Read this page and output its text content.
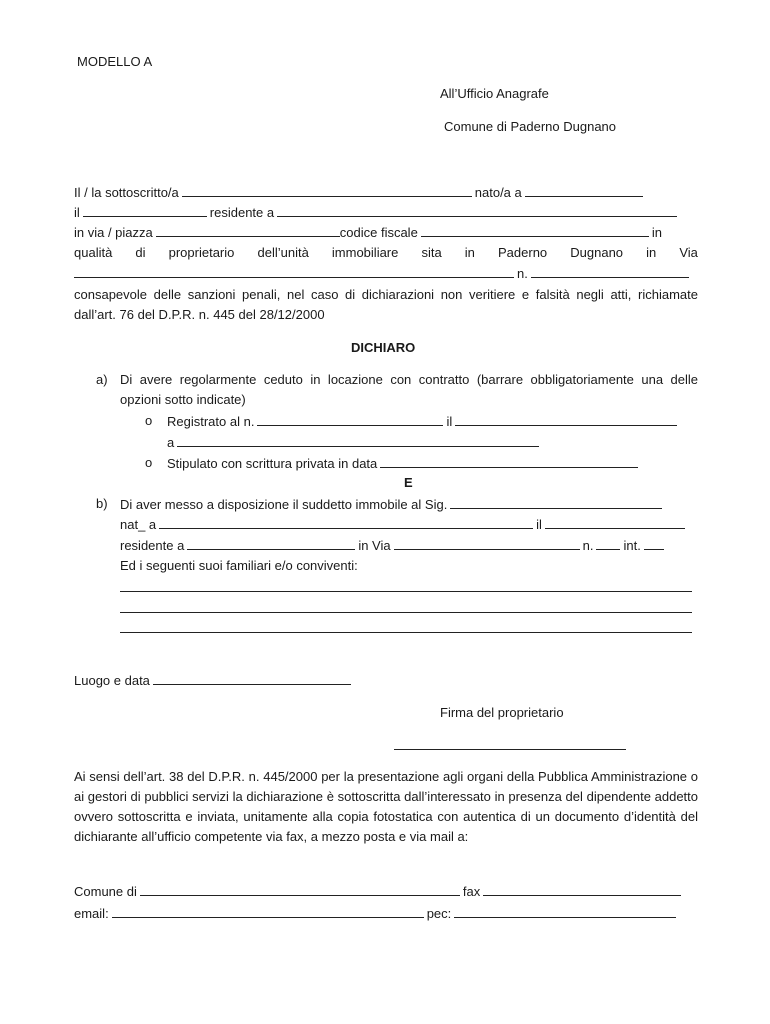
MODELLO A
All’Ufficio Anagrafe
Comune di Paderno Dugnano
Il / la sottoscritto/a	nato/a a
il	residente a
in via / piazza	codice fiscale	in
qualità di proprietario dell’unità immobiliare sita in Paderno Dugnano in Via
n.
consapevole delle sanzioni penali, nel caso di dichiarazioni non veritiere e falsità negli atti, richiamate dall’art. 76 del D.P.R. n. 445 del 28/12/2000
DICHIARO
a) Di avere regolarmente ceduto in locazione con contratto (barrare obbligatoriamente una delle opzioni sotto indicate)
o Registrato al n.	il
a
o Stipulato con scrittura privata in data
E
b) Di aver messo a disposizione il suddetto immobile al Sig.
nat_ a	il
residente a	in Via	n. int.
Ed i seguenti suoi familiari e/o conviventi:
Luogo e data
Firma del proprietario
Ai sensi dell’art. 38 del D.P.R. n. 445/2000 per la presentazione agli organi della Pubblica Amministrazione o ai gestori di pubblici servizi la dichiarazione è sottoscritta dall’interessato in presenza del dipendente addetto ovvero sottoscritta e inviata, unitamente alla copia fotostatica con autentica di un documento d’identità del dichiarante all’ufficio competente via fax, a mezzo posta e via mail a:
Comune di	fax
email:	pec:
